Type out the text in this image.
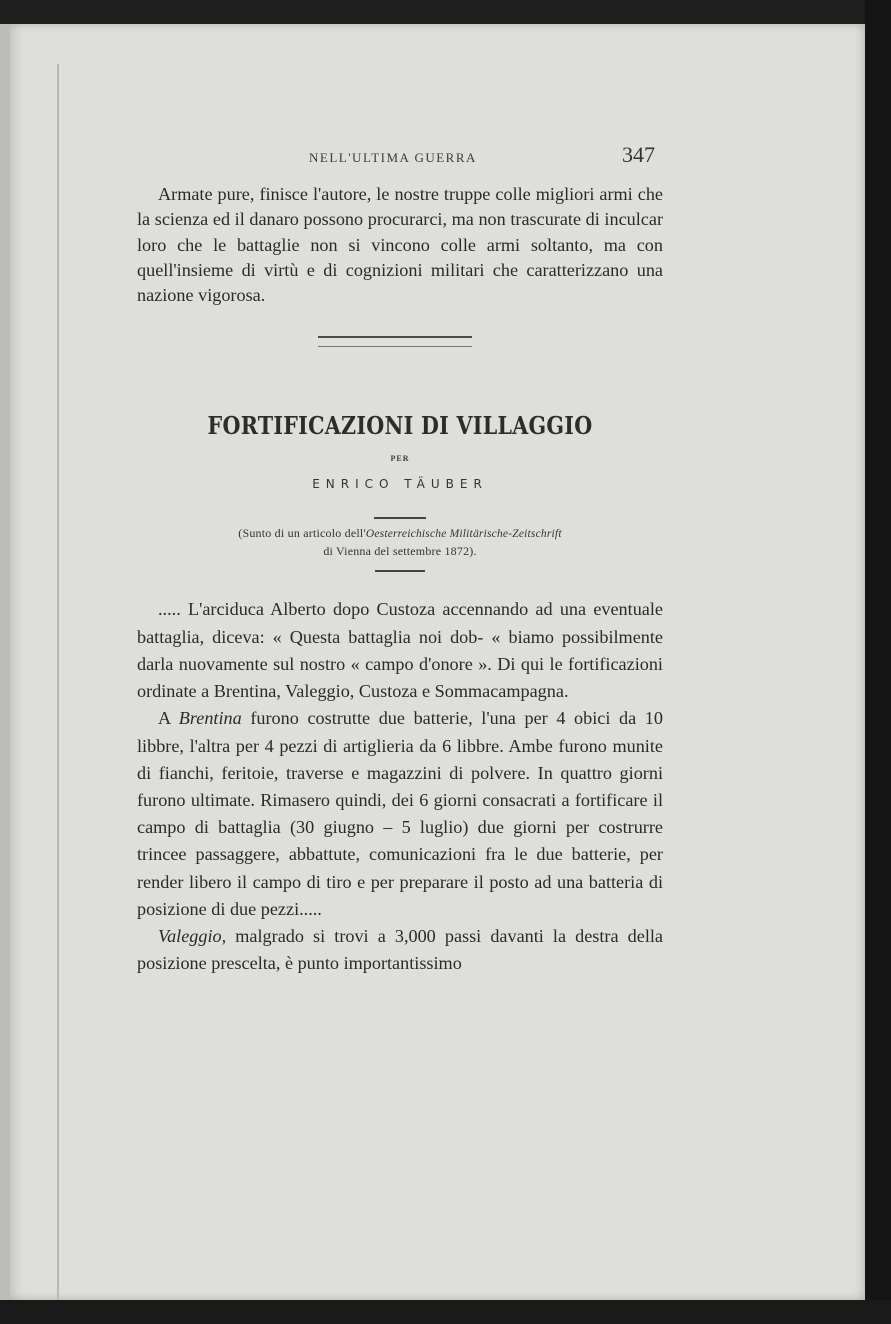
NELL'ULTIMA GUERRA	347

Armate pure, finisce l'autore, le nostre truppe colle migliori armi che la scienza ed il danaro possono procurarci, ma non trascurate di inculcar loro che le battaglie non si vincono colle armi soltanto, ma con quell'insieme di virtù e di cognizioni militari che caratterizzano una nazione vigorosa.

FORTIFICAZIONI DI VILLAGGIO
PER
ENRICO TÄUBER
(Sunto di un articolo dell'Oesterreichische Militärische-Zeitschrift
di Vienna del settembre 1872).

..... L'arciduca Alberto dopo Custoza accennando ad una eventuale battaglia, diceva: « Questa battaglia noi dob- « biamo possibilmente darla nuovamente sul nostro « campo d'onore ». Di qui le fortificazioni ordinate a Brentina, Valeggio, Custoza e Sommacampagna.

A Brentina furono costrutte due batterie, l'una per 4 obici da 10 libbre, l'altra per 4 pezzi di artiglieria da 6 libbre. Ambe furono munite di fianchi, feritoie, traverse e magazzini di polvere. In quattro giorni furono ultimate. Rimasero quindi, dei 6 giorni consacrati a fortificare il campo di battaglia (30 giugno – 5 luglio) due giorni per costrurre trincee passaggere, abbattute, comunicazioni fra le due batterie, per render libero il campo di tiro e per preparare il posto ad una batteria di posizione di due pezzi.....

Valeggio, malgrado si trovi a 3,000 passi davanti la destra della posizione prescelta, è punto importantissimo
